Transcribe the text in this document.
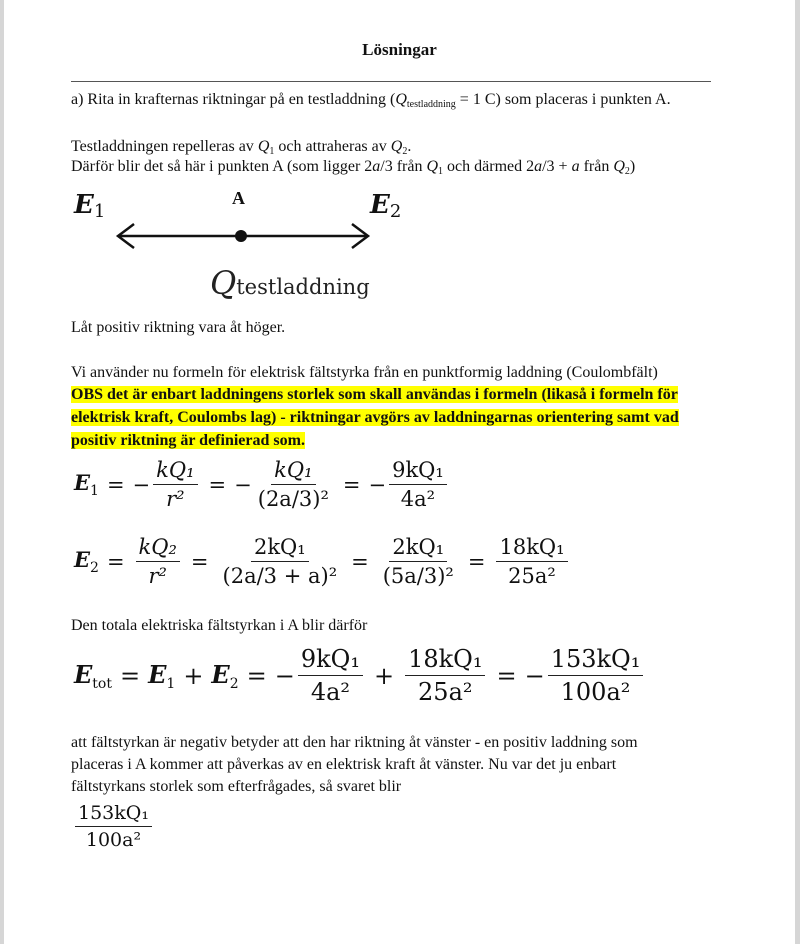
Lösningar
a) Rita in krafternas riktningar på en testladdning ($Q_{testladdning} = 1$ C) som placeras i punkten A.
Testladdningen repelleras av $Q_1$ och attraheras av $Q_2$.
Därför blir det så här i punkten A (som ligger 2a/3 från $Q_1$ och därmed 2a/3 + a från $Q_2$)
E1
A	E2
Qtestladdning
Låt positiv riktning vara åt höger.
Vi använder nu formeln för elektrisk fältstyrka från en punktformig laddning (Coulombfält)
OBS det är enbart laddningens storlek som skall användas i formeln (likaså i formeln för
elektrisk kraft, Coulombs lag) - riktningar avgörs av laddningarnas orientering samt vad
positiv riktning är definierad som.
$E_1$ = − $\frac{\text{kQ₁}}{\text{r²}}$ = − $\frac{\text{kQ₁}}{\text{(2a/3)²}}$ = − $\frac{\text{9kQ₁}}{\text{4a²}}$
$E_2 = \frac{\text{kQ₂}}{\text{r²}} = \frac{\text{2kQ₁}}{\text{(2a/3 + a)²}} = \frac{\text{2kQ₁}}{\text{(5a/3)²}} = \frac{\text{18kQ₁}}{\text{25a²}}$
Den totala elektriska fältstyrkan i A blir därför
$E_{tot} = E_1 + E_2$ = − $\frac{\text{9kQ₁}}{\text{4a²}} + \frac{\text{18kQ₁}}{\text{25a²}}$ = − $\frac{\text{153kQ₁}}{\text{100a²}}$
att fältstyrkan är negativ betyder att den har riktning åt vänster - en positiv laddning som
placeras i A kommer att påverkas av en elektrisk kraft åt vänster. Nu var det ju enbart
fältstyrkans storlek som efterfrågades, så svaret blir
$\frac{\text{153kQ₁}}{\text{100a²}}$
